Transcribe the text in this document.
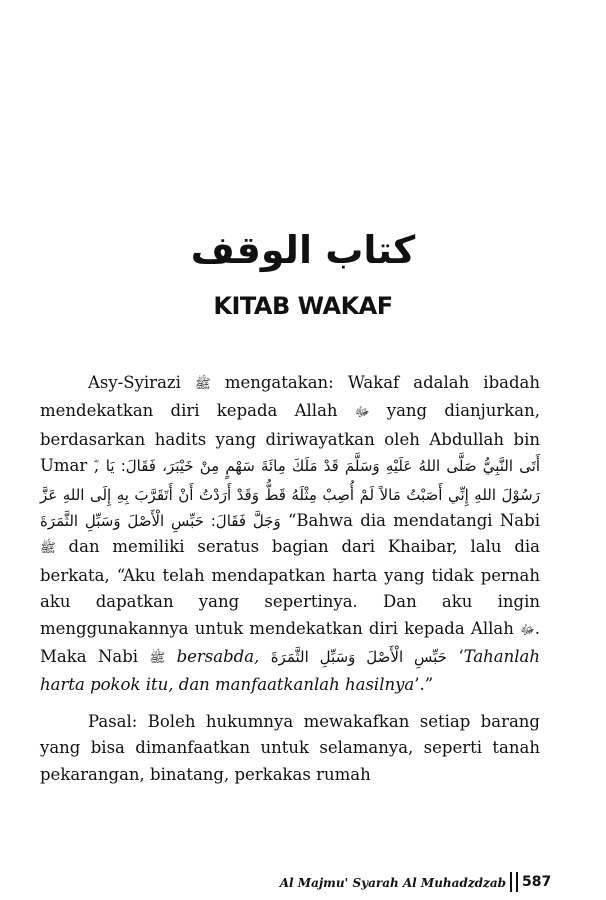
كتاب الوقف
KITAB WAKAF

Asy-Syirazi ﷺ mengatakan: Wakaf adalah ibadah mendekatkan diri kepada Allah ﷻ yang dianjurkan, berdasarkan hadits yang diriwayatkan oleh Abdullah bin Umar , أَتَى النَّبِيُّ صَلَّى اللهُ عَلَيْهِ وَسَلَّمَ قَدْ مَلَكَ مِائَةَ سَهْمٍ مِنْ خَيْبَرَ، فَقَالَ: يَا رَسُوْلَ اللهِ إِنِّي أَصَبْتُ مَالاً لَمْ أُصِبْ مِثْلَهُ قَطُّ وَقَدْ أَرَدْتُ أَنْ أَتَقَرَّبَ بِهِ إِلَى اللهِ عَزَّ وَجَلَّ فَقَالَ: حَبِّسِ الْأَصْلَ وَسَبِّلِ الثَّمَرَةَ “Bahwa dia mendatangi Nabi ﷺ dan memiliki seratus bagian dari Khaibar, lalu dia berkata, “Aku telah mendapatkan harta yang tidak pernah aku dapatkan yang sepertinya. Dan aku ingin menggunakannya untuk mendekatkan diri kepada Allah ﷻ. Maka Nabi ﷺ bersabda, حَبِّسِ الْأَصْلَ وَسَبِّلِ الثَّمَرَةَ ‘Tahanlah harta pokok itu, dan manfaatkanlah hasilnya’.”

Pasal: Boleh hukumnya mewakafkan setiap barang yang bisa dimanfaatkan untuk selamanya, seperti tanah pekarangan, binatang, perkakas rumah

Al Majmu' Syarah Al Muhadzdzab 587
